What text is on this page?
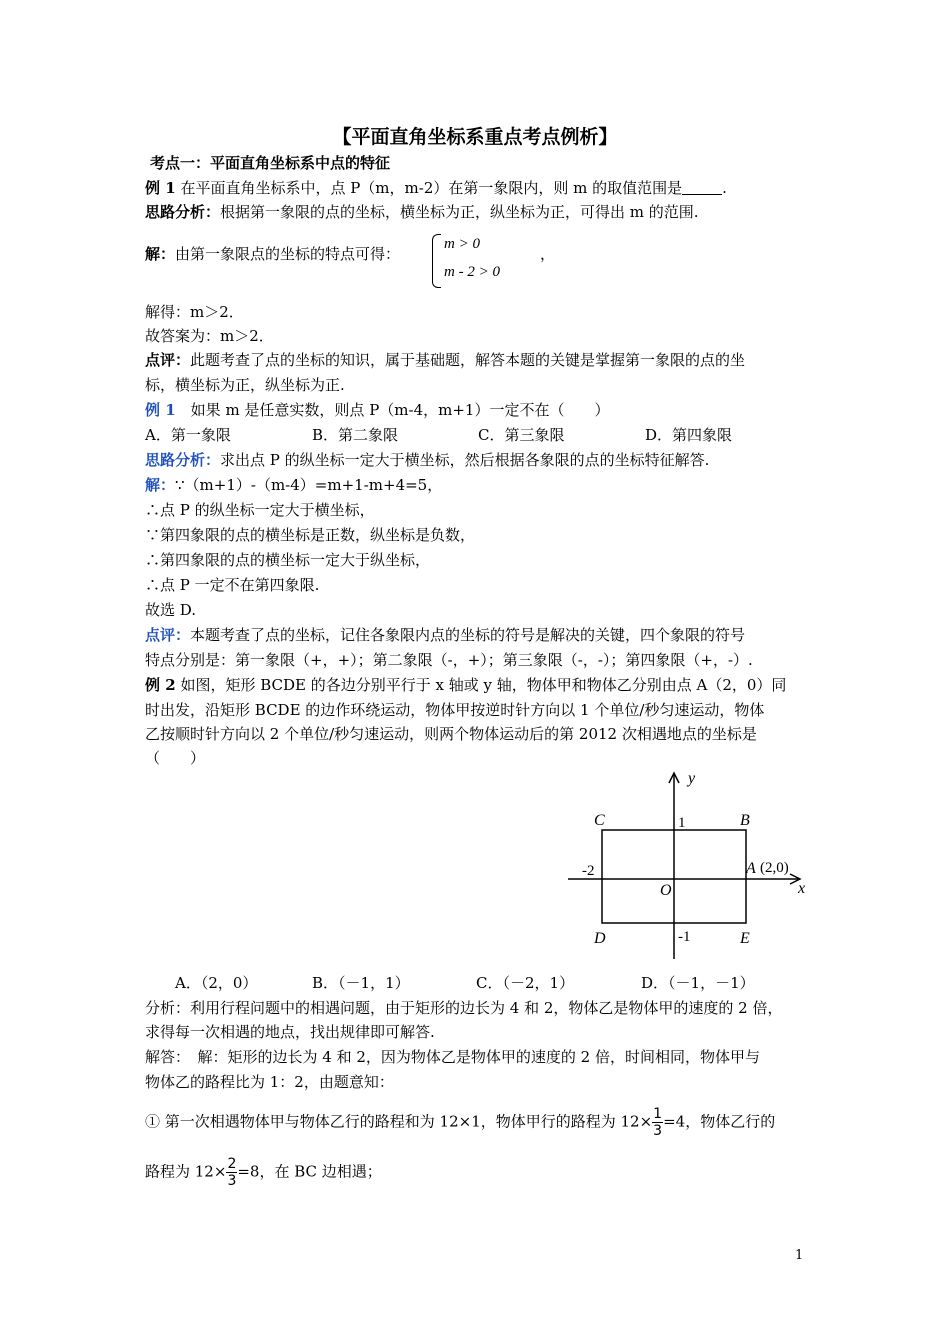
【平面直角坐标系重点考点例析】
考点一：平面直角坐标系中点的特征
例 1 在平面直角坐标系中，点 P（m，m-2）在第一象限内，则 m 的取值范围是	.
思路分析：根据第一象限的点的坐标，横坐标为正，纵坐标为正，可得出 m 的范围.
解：由第一象限点的坐标的特点可得：
m > 0
m - 2 > 0
，
解得：m＞2．
故答案为：m＞2．
点评：此题考查了点的坐标的知识，属于基础题，解答本题的关键是掌握第一象限的点的坐
标，横坐标为正，纵坐标为正.
例 1　如果 m 是任意实数，则点 P（m-4，m+1）一定不在（　　）
A．第一象限	B．第二象限	C．第三象限	D．第四象限
思路分析：求出点 P 的纵坐标一定大于横坐标，然后根据各象限的点的坐标特征解答.
解：∵（m+1）-（m-4）=m+1-m+4=5，
∴点 P 的纵坐标一定大于横坐标，
∵第四象限的点的横坐标是正数，纵坐标是负数，
∴第四象限的点的横坐标一定大于纵坐标，
∴点 P 一定不在第四象限.
故选 D.
点评：本题考查了点的坐标，记住各象限内点的坐标的符号是解决的关键，四个象限的符号
特点分别是：第一象限（+，+）；第二象限（-，+）；第三象限（-，-）；第四象限（+，-）.
例 2 如图，矩形 BCDE 的各边分别平行于 x 轴或 y 轴，物体甲和物体乙分别由点 A（2，0）同
时出发，沿矩形 BCDE 的边作环绕运动，物体甲按逆时针方向以 1 个单位/秒匀速运动，物体
乙按顺时针方向以 2 个单位/秒匀速运动，则两个物体运动后的第 2012 次相遇地点的坐标是
（　　）
y
x
O
C	B
D	E
A (2,0)
1
-1
-2
A．（2，0）	B．（－1，1）	C．（－2，1）	D．（－1，－1）
分析：利用行程问题中的相遇问题，由于矩形的边长为 4 和 2，物体乙是物体甲的速度的 2 倍，
求得每一次相遇的地点，找出规律即可解答.
解答：　解：矩形的边长为 4 和 2，因为物体乙是物体甲的速度的 2 倍，时间相同，物体甲与
物体乙的路程比为 1：2，由题意知：
① 第一次相遇物体甲与物体乙行的路程和为 12×1，物体甲行的路程为 $12\times \frac{1}{3} =4$，物体乙行的
路程为 $12\times \frac{2}{3} =8$，在 BC 边相遇；
1
